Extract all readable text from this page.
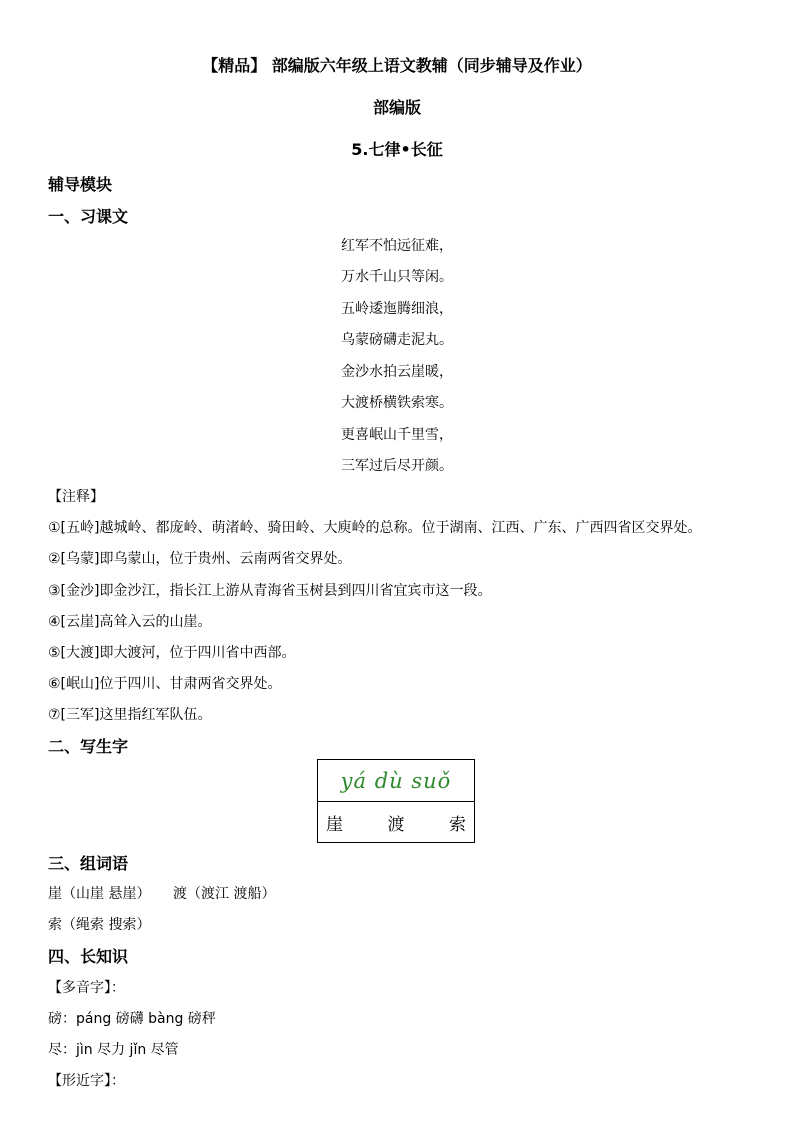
【精品】 部编版六年级上语文教辅（同步辅导及作业）
部编版
5.七律•长征
辅导模块
一、习课文
红军不怕远征难，
万水千山只等闲。
五岭逶迤腾细浪，
乌蒙磅礴走泥丸。
金沙水拍云崖暖，
大渡桥横铁索寒。
更喜岷山千里雪，
三军过后尽开颜。
【注释】
①[五岭]越城岭、都庞岭、萌渚岭、骑田岭、大庾岭的总称。位于湖南、江西、广东、广西四省区交界处。
②[乌蒙]即乌蒙山，位于贵州、云南两省交界处。
③[金沙]即金沙江，指长江上游从青海省玉树县到四川省宜宾市这一段。
④[云崖]高耸入云的山崖。
⑤[大渡]即大渡河，位于四川省中西部。
⑥[岷山]位于四川、甘肃两省交界处。
⑦[三军]这里指红军队伍。
二、写生字
yá dù suǒ
崖	渡	索
三、组词语
崖（山崖 悬崖） 渡（渡江 渡船）
索（绳索 搜索）
四、长知识
【多音字】：
磅：páng 磅礴 bàng 磅秤
尽：jìn 尽力 jǐn 尽管
【形近字】：
